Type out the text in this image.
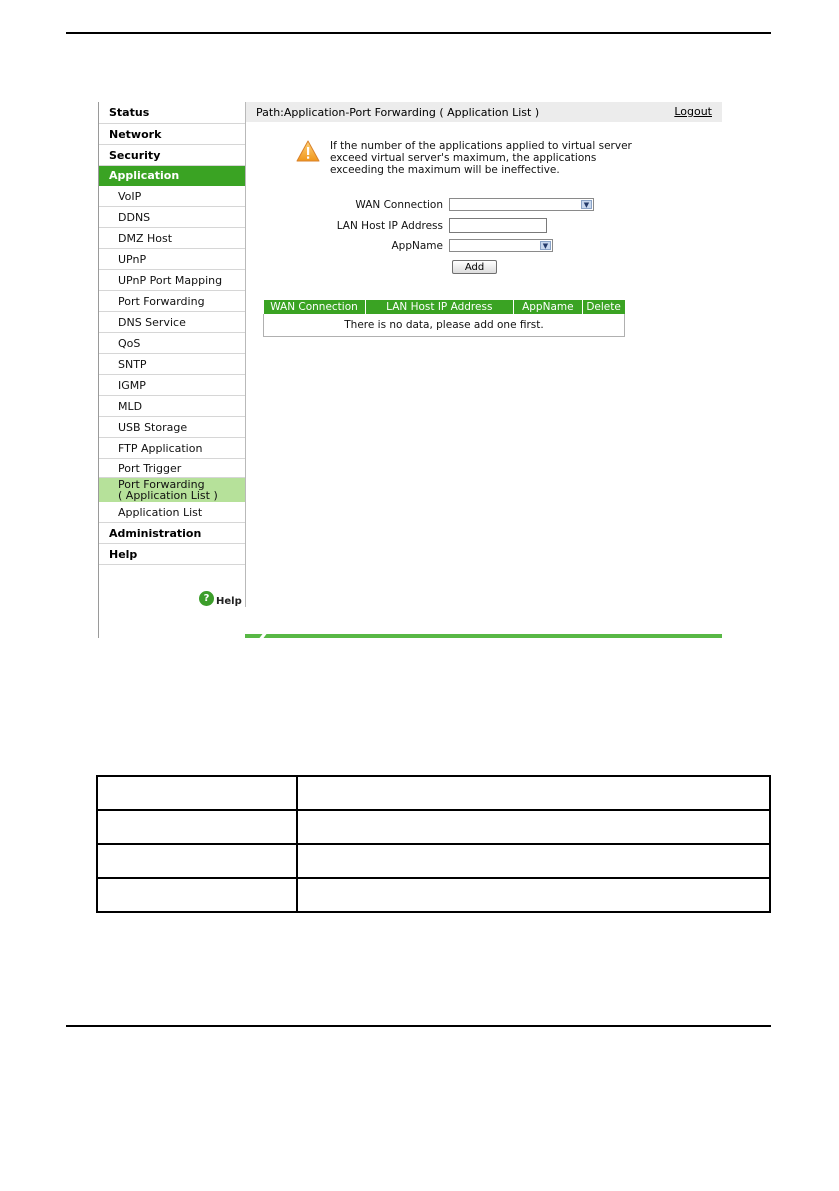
Status
Network
Security
Application
VoIP
DDNS
DMZ Host
UPnP
UPnP Port Mapping
Port Forwarding
DNS Service
QoS
SNTP
IGMP
MLD
USB Storage
FTP Application
Port Trigger
Port Forwarding
( Application List )
Application List
Administration
Help
? Help
Path:Application-Port Forwarding ( Application List )	Logout
If the number of the applications applied to virtual server exceed virtual server's maximum, the applications exceeding the maximum will be ineffective.
WAN Connection	▼
LAN Host IP Address
AppName	▼
Add
WAN Connection	LAN Host IP Address	AppName	Delete
There is no data, please add one first.
